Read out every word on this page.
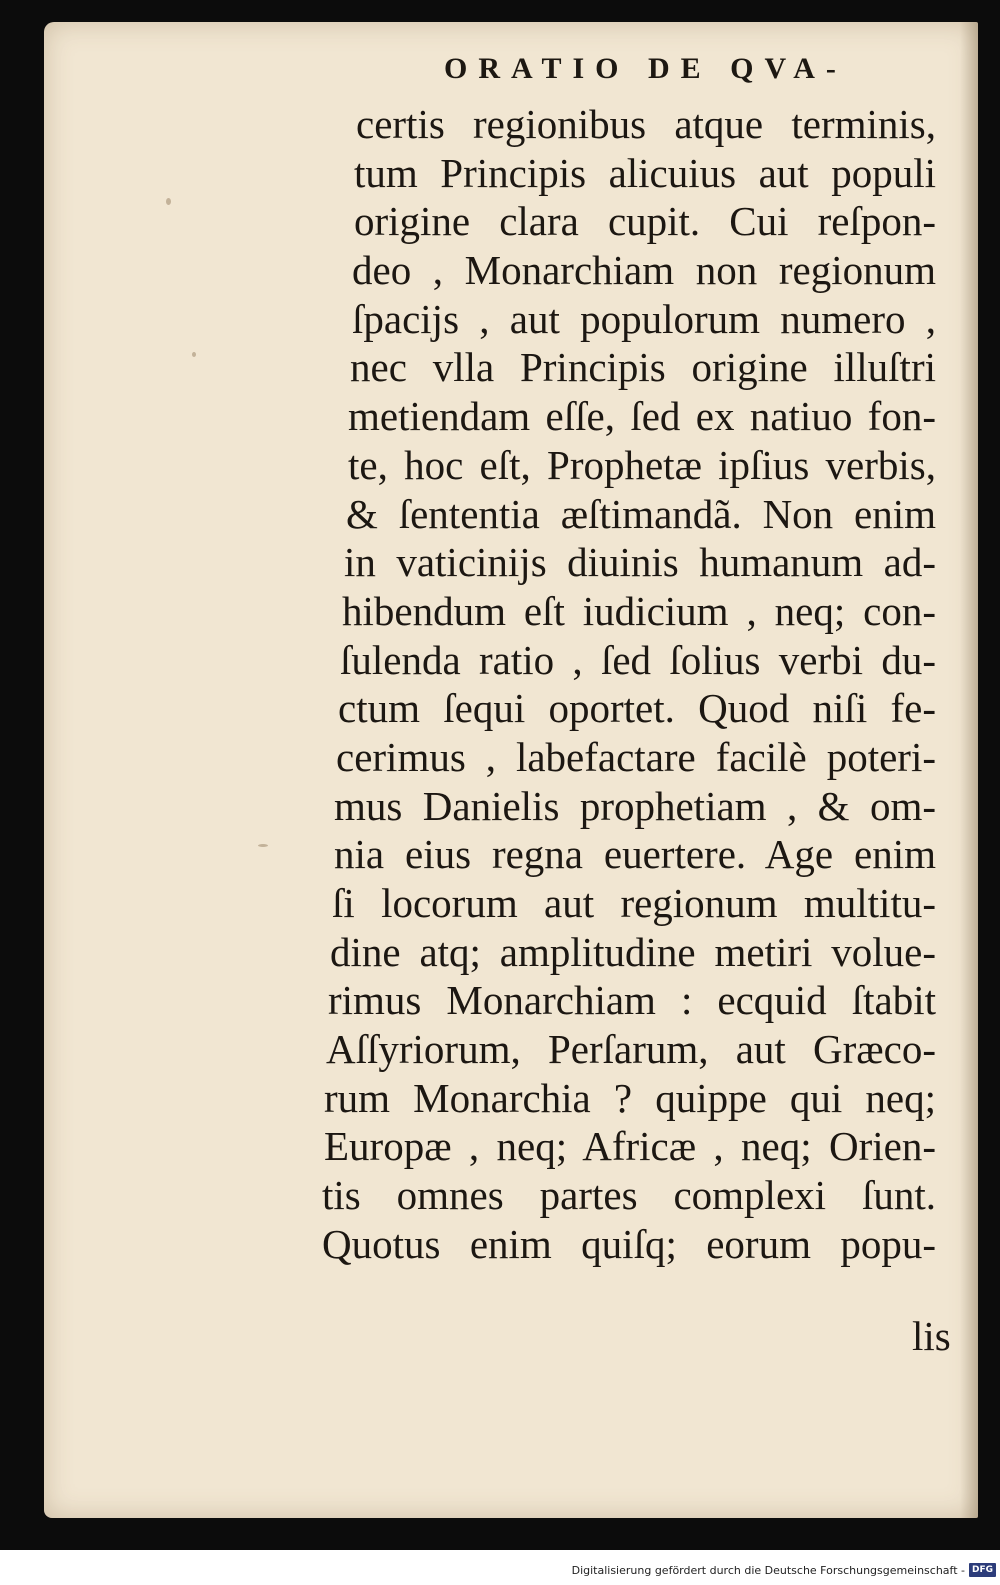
ORATIO DE QVA-
certis regionibus atque terminis,
tum Principis alicuius aut populi
origine clara cupit. Cui reſpon-
deo , Monarchiam non regionum
ſpacijs , aut populorum numero ,
nec vlla Principis origine illuſtri
metiendam eſſe, ſed ex natiuo fon-
te, hoc eſt, Prophetæ ipſius verbis,
& ſententia æſtimandã. Non enim
in vaticinijs diuinis humanum ad-
hibendum eſt iudicium , neq; con-
ſulenda ratio , ſed ſolius verbi du-
ctum ſequi oportet. Quod niſi fe-
cerimus , labefactare facilè poteri-
mus Danielis prophetiam , & om-
nia eius regna euertere. Age enim
ſi locorum aut regionum multitu-
dine atq; amplitudine metiri volue-
rimus Monarchiam : ecquid ſtabit
Aſſyriorum, Perſarum, aut Græco-
rum Monarchia ? quippe qui neq;
Europæ , neq; Africæ , neq; Orien-
tis omnes partes complexi ſunt.
Quotus enim quiſq; eorum popu-
lis
Digitalisierung gefördert durch die Deutsche Forschungsgemeinschaft - DFG
